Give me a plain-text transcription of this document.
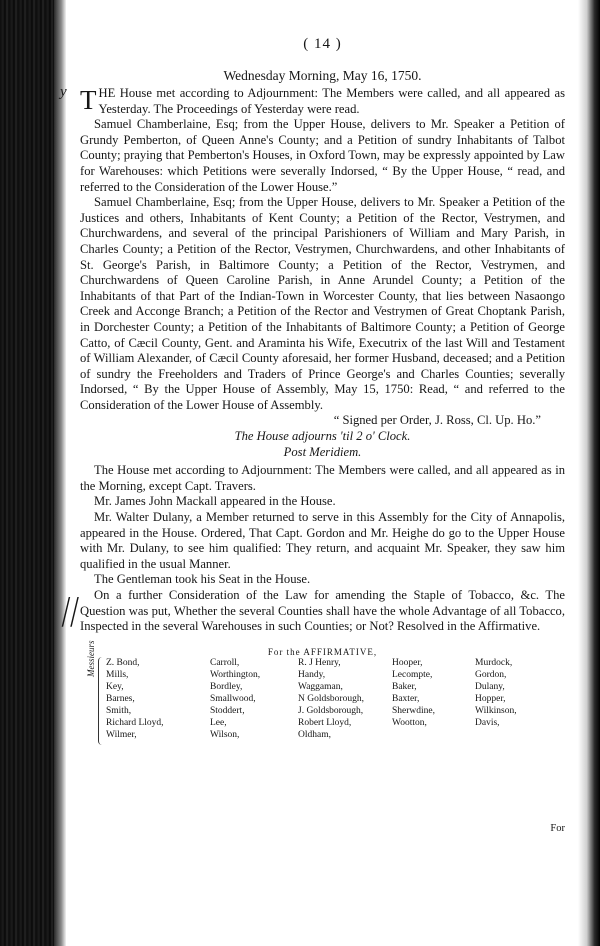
y
//
( 14 )
Wednesday Morning, May 16, 1750.

THE House met according to Adjournment: The Members were called, and all appeared as Yesterday. The Proceedings of Yesterday were read.

Samuel Chamberlaine, Esq; from the Upper House, delivers to Mr. Speaker a Petition of Grundy Pemberton, of Queen Anne's County; and a Petition of sundry Inhabitants of Talbot County; praying that Pemberton's Houses, in Oxford Town, may be expressly appointed by Law for Warehouses: which Petitions were severally Indorsed, “ By the Upper House, “ read, and referred to the Consideration of the Lower House.”

Samuel Chamberlaine, Esq; from the Upper House, delivers to Mr. Speaker a Petition of the Justices and others, Inhabitants of Kent County; a Petition of the Rector, Vestrymen, and Churchwardens, and several of the principal Parishioners of William and Mary Parish, in Charles County; a Petition of the Rector, Vestrymen, Churchwardens, and other Inhabitants of St. George's Parish, in Baltimore County; a Petition of the Rector, Vestrymen, and Churchwardens of Queen Caroline Parish, in Anne Arundel County; a Petition of the Inhabitants of that Part of the Indian-Town in Worcester County, that lies between Nasaongo Creek and Acconge Branch; a Petition of the Rector and Vestrymen of Great Choptank Parish, in Dorchester County; a Petition of the Inhabitants of Baltimore County; a Petition of George Catto, of Cæcil County, Gent. and Araminta his Wife, Executrix of the last Will and Testament of William Alexander, of Cæcil County aforesaid, her former Husband, deceased; and a Petition of sundry the Freeholders and Traders of Prince George's and Charles Counties; severally Indorsed, “ By the Upper House of Assembly, May 15, 1750: Read, “ and referred to the Consideration of the Lower House of Assembly.

“ Signed per Order, J. Ross, Cl. Up. Ho.”
The House adjourns 'til 2 o' Clock.
Post Meridiem.

The House met according to Adjournment: The Members were called, and all appeared as in the Morning, except Capt. Travers.

Mr. James John Mackall appeared in the House.

Mr. Walter Dulany, a Member returned to serve in this Assembly for the City of Annapolis, appeared in the House. Ordered, That Capt. Gordon and Mr. Heighe do go to the Upper House with Mr. Dulany, to see him qualified: They return, and acquaint Mr. Speaker, they saw him qualified in the usual Manner.

The Gentleman took his Seat in the House.

On a further Consideration of the Law for amending the Staple of Tobacco, &c. The Question was put, Whether the several Counties shall have the whole Advantage of all Tobacco, Inspected in the several Warehouses in such Counties; or Not? Resolved in the Affirmative.

For the AFFIRMATIVE,
Messieurs Z. Bond,
Mills,
Key,
Barnes,
Smith,
Richard Lloyd,
Wilmer,
Carroll,
Worthington,
Bordley,
Smallwood,
Stoddert,
Lee,
Wilson,
R. J Henry,
Handy,
Waggaman,
N Goldsborough,
J. Goldsborough,
Robert Lloyd,
Oldham,
Hooper,
Lecompte,
Baker,
Baxter,
Sherwdine,
Wootton,
Murdock,
Gordon,
Dulany,
Hopper,
Wilkinson,
Davis,
For
